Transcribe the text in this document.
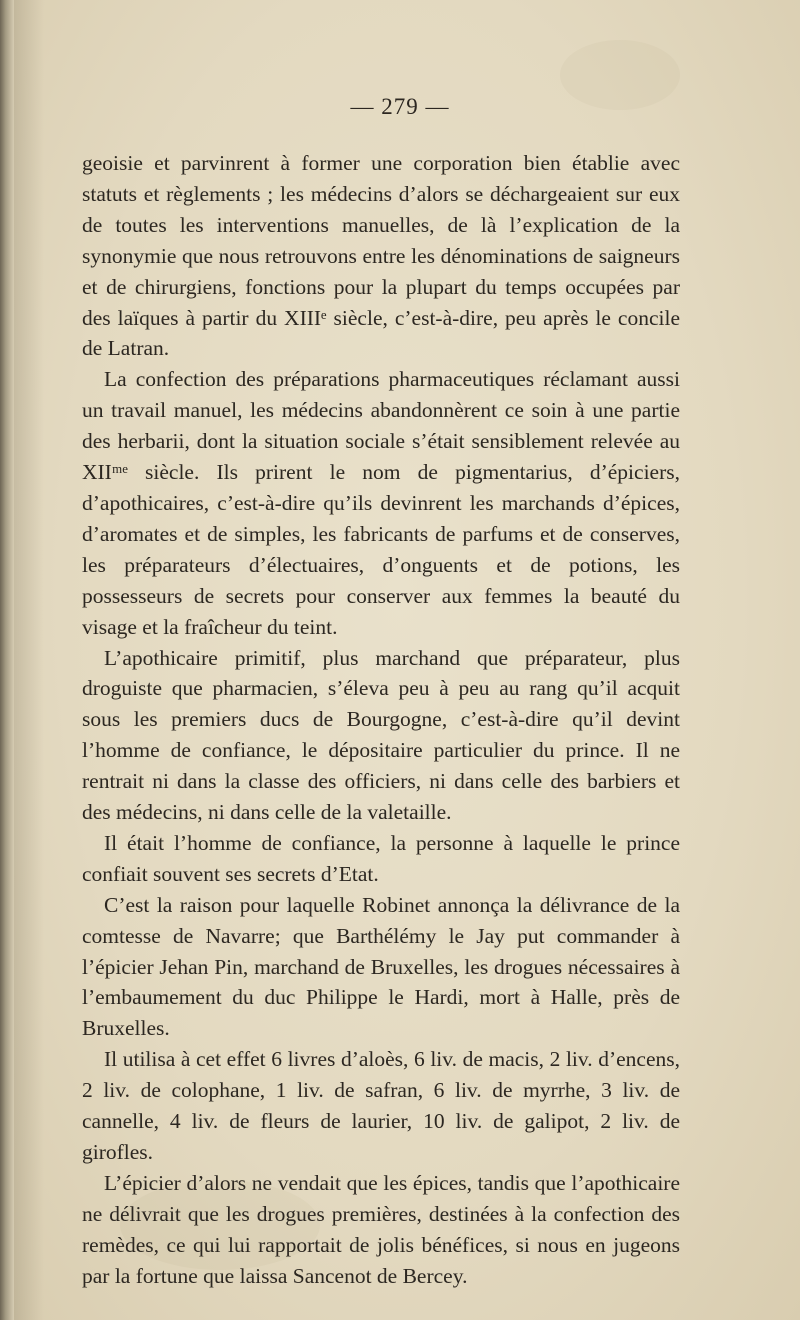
— 279 —

geoisie et parvinrent à former une corporation bien établie avec statuts et règlements ; les médecins d’alors se déchargeaient sur eux de toutes les interventions manuelles, de là l’explication de la synonymie que nous retrouvons entre les dénominations de saigneurs et de chirurgiens, fonctions pour la plupart du temps occupées par des laïques à partir du XIIIᵉ siècle, c’est-à-dire, peu après le concile de Latran.

La confection des préparations pharmaceutiques réclamant aussi un travail manuel, les médecins abandonnèrent ce soin à une partie des herbarii, dont la situation sociale s’était sensiblement relevée au XIIᵐᵉ siècle. Ils prirent le nom de pigmentarius, d’épiciers, d’apothicaires, c’est-à-dire qu’ils devinrent les marchands d’épices, d’aromates et de simples, les fabricants de parfums et de conserves, les préparateurs d’électuaires, d’onguents et de potions, les possesseurs de secrets pour conserver aux femmes la beauté du visage et la fraîcheur du teint.

L’apothicaire primitif, plus marchand que préparateur, plus droguiste que pharmacien, s’éleva peu à peu au rang qu’il acquit sous les premiers ducs de Bourgogne, c’est-à-dire qu’il devint l’homme de confiance, le dépositaire particulier du prince. Il ne rentrait ni dans la classe des officiers, ni dans celle des barbiers et des médecins, ni dans celle de la valetaille.

Il était l’homme de confiance, la personne à laquelle le prince confiait souvent ses secrets d’Etat.

C’est la raison pour laquelle Robinet annonça la délivrance de la comtesse de Navarre; que Barthélémy le Jay put commander à l’épicier Jehan Pin, marchand de Bruxelles, les drogues nécessaires à l’embaumement du duc Philippe le Hardi, mort à Halle, près de Bruxelles.

Il utilisa à cet effet 6 livres d’aloès, 6 liv. de macis, 2 liv. d’encens, 2 liv. de colophane, 1 liv. de safran, 6 liv. de myrrhe, 3 liv. de cannelle, 4 liv. de fleurs de laurier, 10 liv. de galipot, 2 liv. de girofles.

L’épicier d’alors ne vendait que les épices, tandis que l’apothicaire ne délivrait que les drogues premières, destinées à la confection des remèdes, ce qui lui rapportait de jolis bénéfices, si nous en jugeons par la fortune que laissa Sancenot de Bercey.
